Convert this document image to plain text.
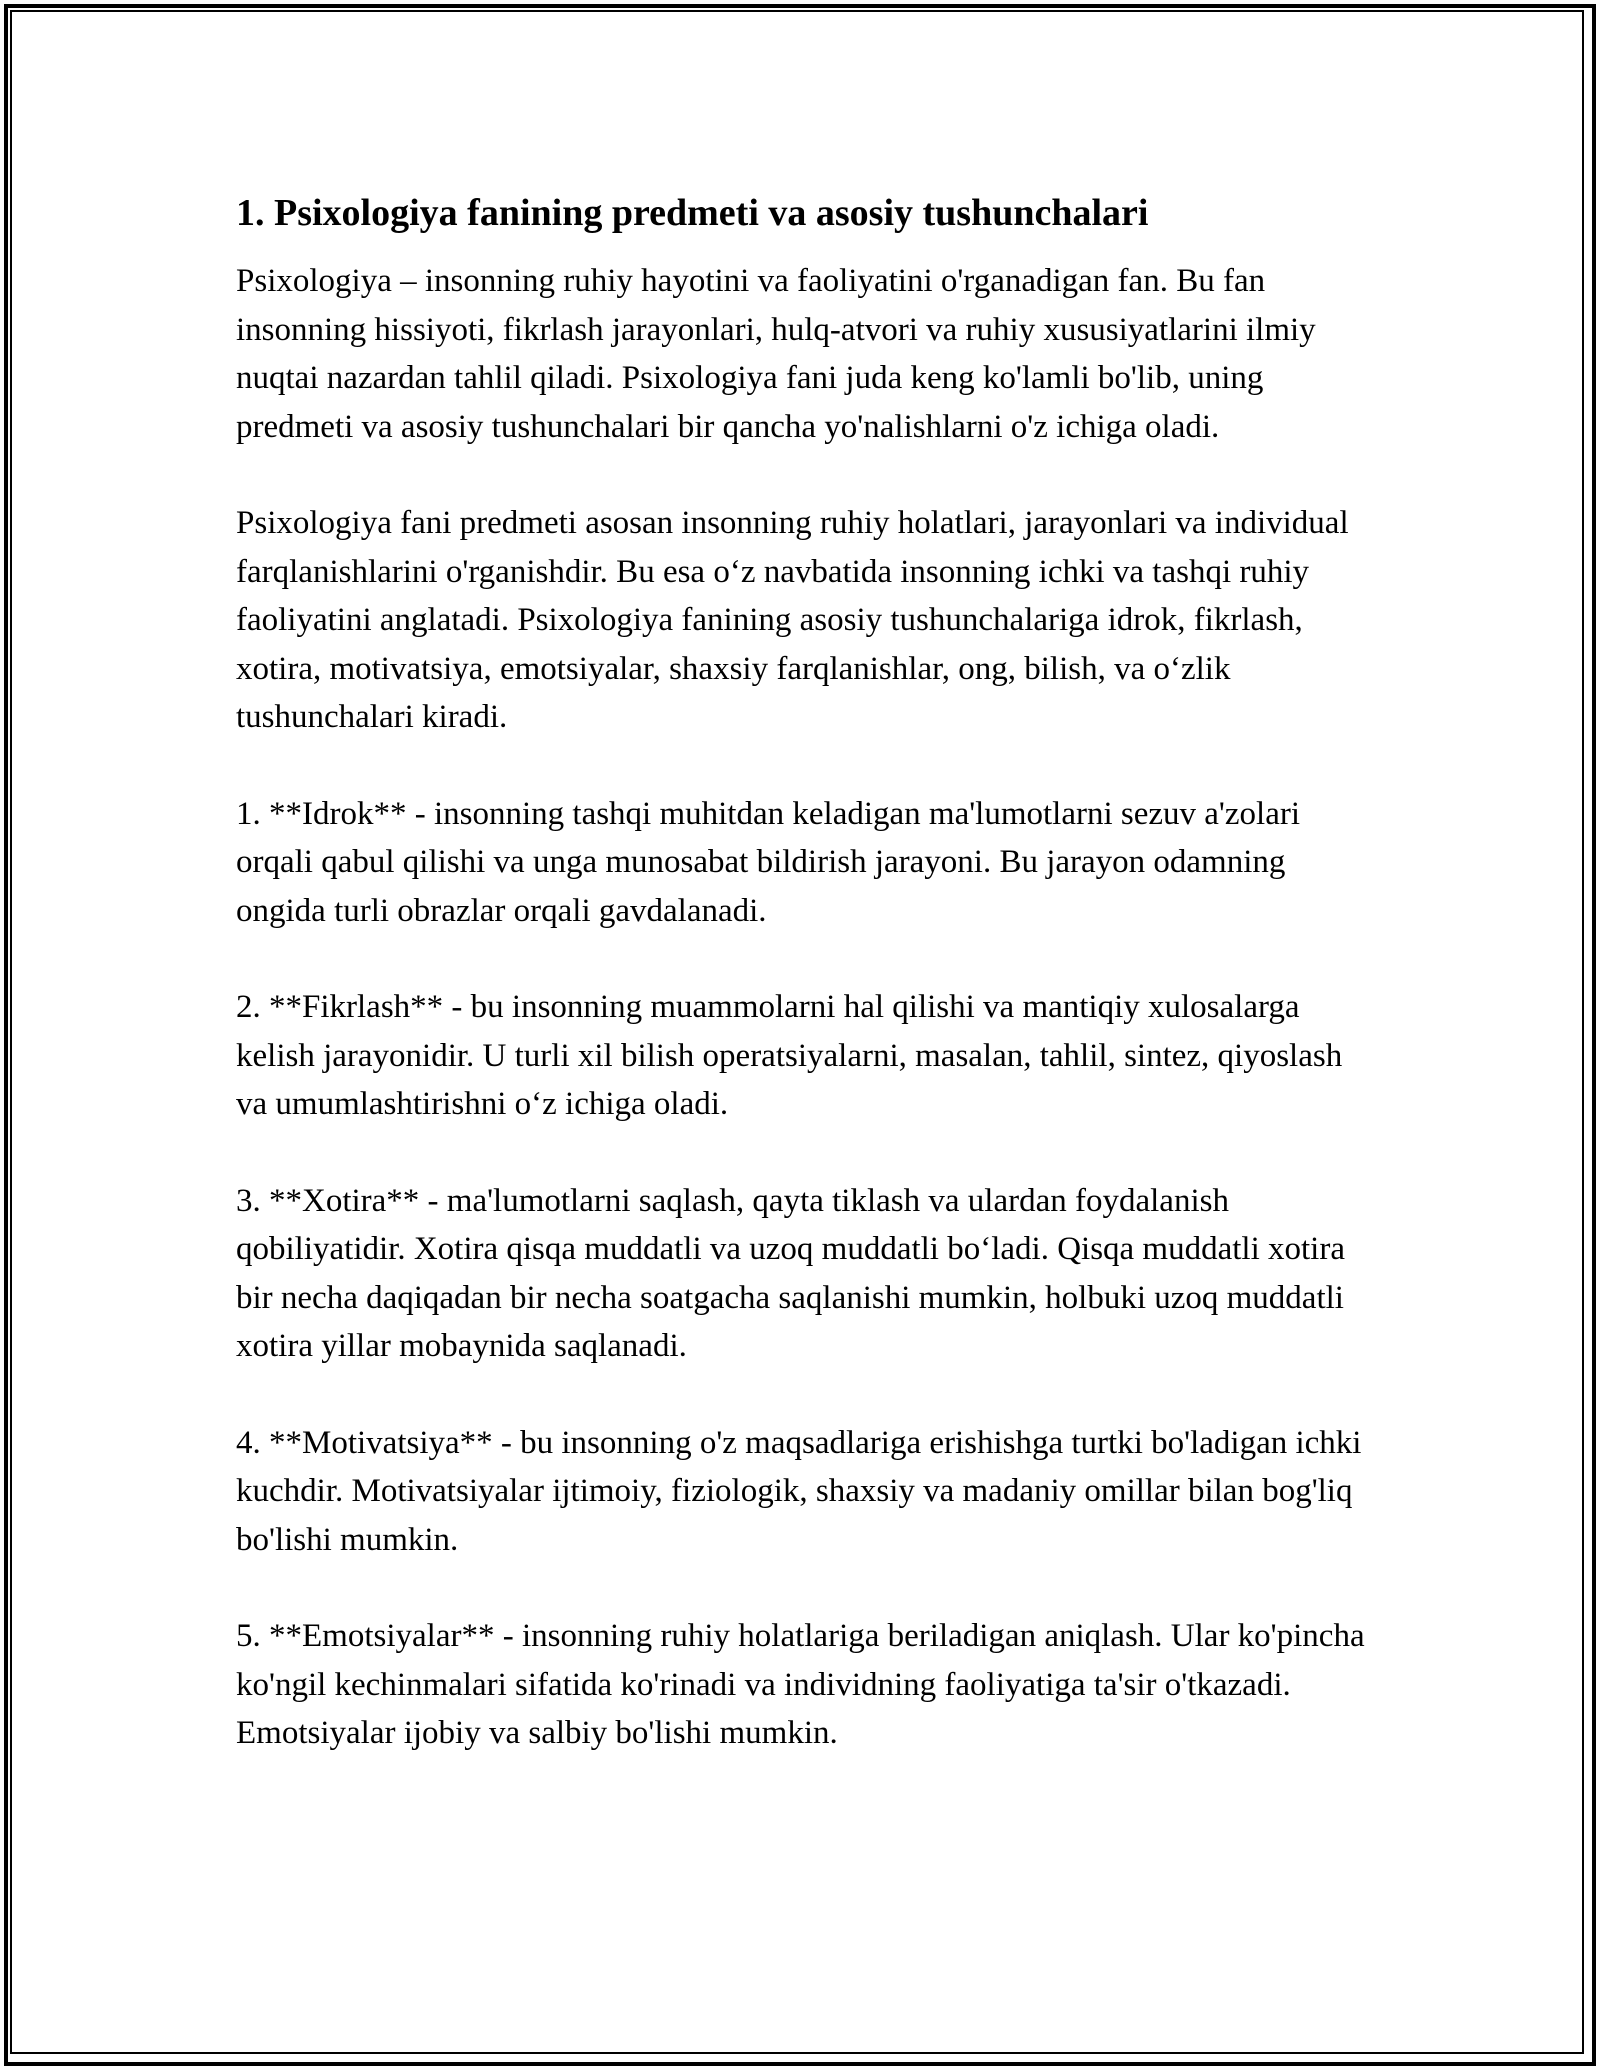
1. Psixologiya fanining predmeti va asosiy tushunchalari

Psixologiya – insonning ruhiy hayotini va faoliyatini o'rganadigan fan. Bu fan insonning hissiyoti, fikrlash jarayonlari, hulq-atvori va ruhiy xususiyatlarini ilmiy nuqtai nazardan tahlil qiladi. Psixologiya fani juda keng ko'lamli bo'lib, uning predmeti va asosiy tushunchalari bir qancha yo'nalishlarni o'z ichiga oladi.

Psixologiya fani predmeti asosan insonning ruhiy holatlari, jarayonlari va individual farqlanishlarini o'rganishdir. Bu esa o‘z navbatida insonning ichki va tashqi ruhiy faoliyatini anglatadi. Psixologiya fanining asosiy tushunchalariga idrok, fikrlash, xotira, motivatsiya, emotsiyalar, shaxsiy farqlanishlar, ong, bilish, va o‘zlik tushunchalari kiradi.

1. **Idrok** - insonning tashqi muhitdan keladigan ma'lumotlarni sezuv a'zolari orqali qabul qilishi va unga munosabat bildirish jarayoni. Bu jarayon odamning ongida turli obrazlar orqali gavdalanadi.

2. **Fikrlash** - bu insonning muammolarni hal qilishi va mantiqiy xulosalarga kelish jarayonidir. U turli xil bilish operatsiyalarni, masalan, tahlil, sintez, qiyoslash va umumlashtirishni o‘z ichiga oladi.

3. **Xotira** - ma'lumotlarni saqlash, qayta tiklash va ulardan foydalanish qobiliyatidir. Xotira qisqa muddatli va uzoq muddatli bo‘ladi. Qisqa muddatli xotira bir necha daqiqadan bir necha soatgacha saqlanishi mumkin, holbuki uzoq muddatli xotira yillar mobaynida saqlanadi.

4. **Motivatsiya** - bu insonning o'z maqsadlariga erishishga turtki bo'ladigan ichki kuchdir. Motivatsiyalar ijtimoiy, fiziologik, shaxsiy va madaniy omillar bilan bog'liq bo'lishi mumkin.

5. **Emotsiyalar** - insonning ruhiy holatlariga beriladigan aniqlash. Ular ko'pincha ko'ngil kechinmalari sifatida ko'rinadi va individning faoliyatiga ta'sir o'tkazadi. Emotsiyalar ijobiy va salbiy bo'lishi mumkin.
